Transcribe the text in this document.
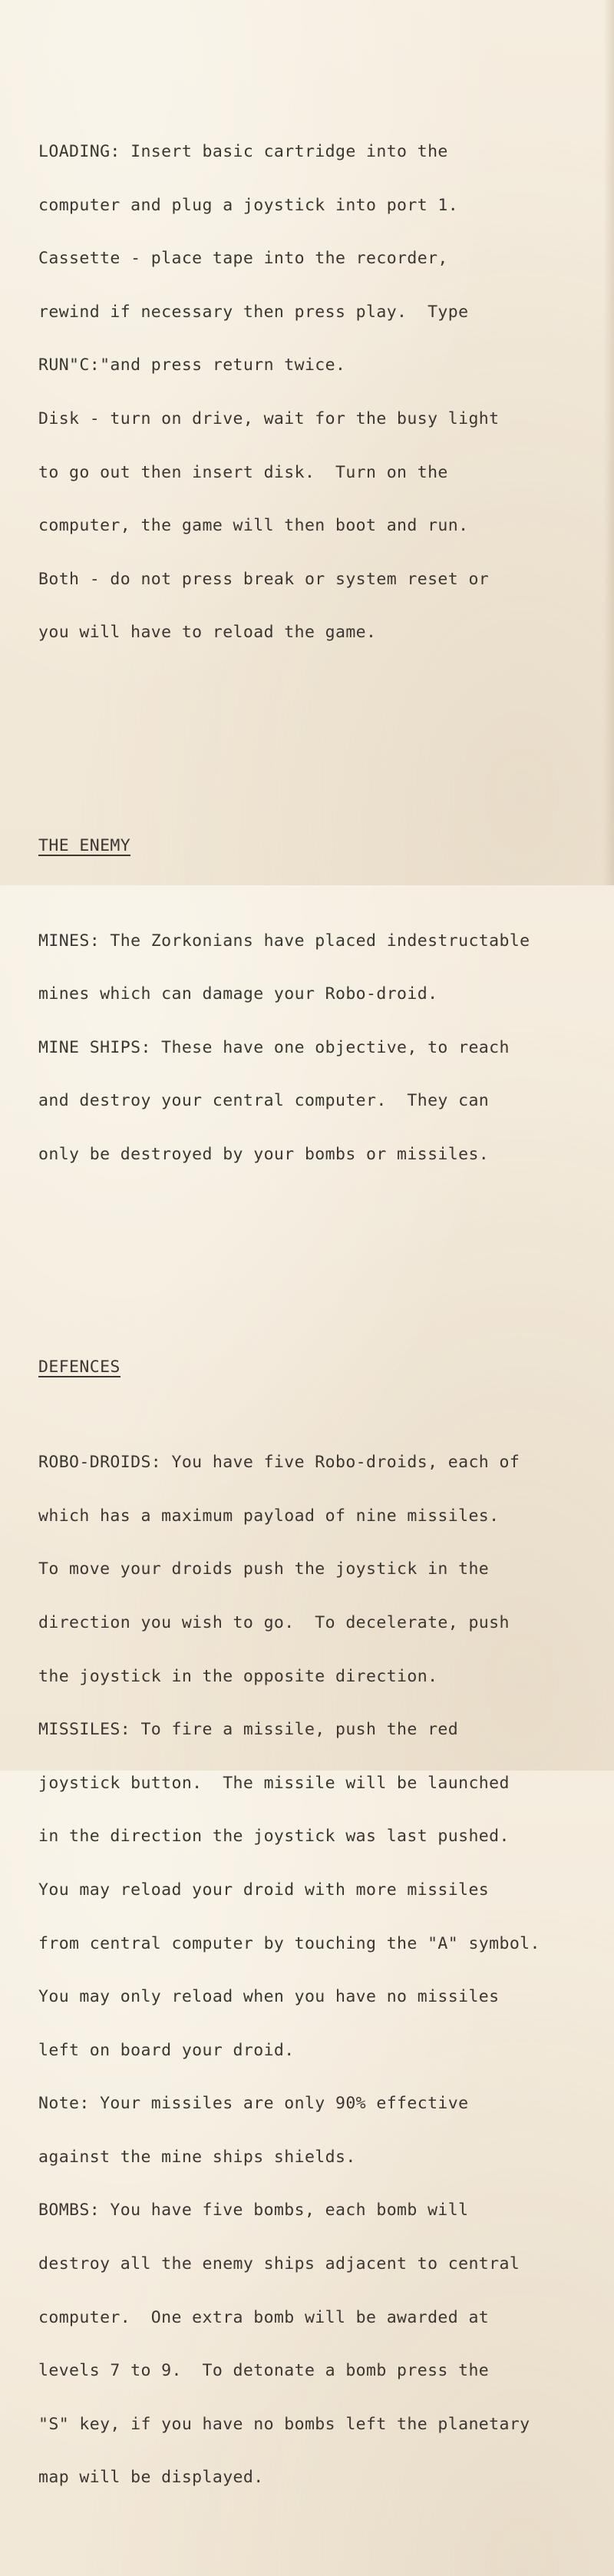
LOADING: Insert basic cartridge into the

computer and plug a joystick into port 1.

Cassette - place tape into the recorder,

rewind if necessary then press play.  Type

RUN"C:"and press return twice.

Disk - turn on drive, wait for the busy light

to go out then insert disk.  Turn on the

computer, the game will then boot and run.

Both - do not press break or system reset or

you will have to reload the game.

THE ENEMY

MINES: The Zorkonians have placed indestructable

mines which can damage your Robo-droid.

MINE SHIPS: These have one objective, to reach

and destroy your central computer.  They can

only be destroyed by your bombs or missiles.

DEFENCES

ROBO-DROIDS: You have five Robo-droids, each of

which has a maximum payload of nine missiles.

To move your droids push the joystick in the

direction you wish to go.  To decelerate, push

the joystick in the opposite direction.

MISSILES: To fire a missile, push the red

joystick button.  The missile will be launched

in the direction the joystick was last pushed.

You may reload your droid with more missiles

from central computer by touching the "A" symbol.

You may only reload when you have no missiles

left on board your droid.

Note: Your missiles are only 90% effective

against the mine ships shields.

BOMBS: You have five bombs, each bomb will

destroy all the enemy ships adjacent to central

computer.  One extra bomb will be awarded at

levels 7 to 9.  To detonate a bomb press the

"S" key, if you have no bombs left the planetary

map will be displayed.
